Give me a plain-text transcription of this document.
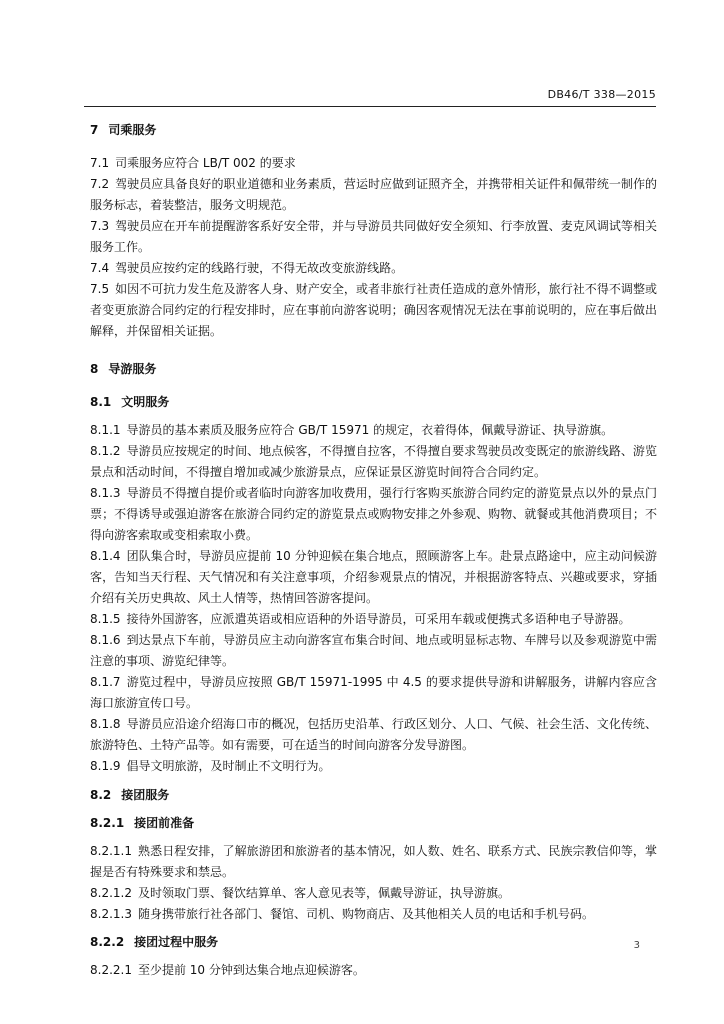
DB46/T 338—2015

7 司乘服务

7.1 司乘服务应符合 LB/T 002 的要求

7.2 驾驶员应具备良好的职业道德和业务素质，营运时应做到证照齐全，并携带相关证件和佩带统一制作的服务标志，着装整洁，服务文明规范。

7.3 驾驶员应在开车前提醒游客系好安全带，并与导游员共同做好安全须知、行李放置、麦克风调试等相关服务工作。

7.4 驾驶员应按约定的线路行驶，不得无故改变旅游线路。

7.5 如因不可抗力发生危及游客人身、财产安全，或者非旅行社责任造成的意外情形，旅行社不得不调整或者变更旅游合同约定的行程安排时，应在事前向游客说明；确因客观情况无法在事前说明的，应在事后做出解释，并保留相关证据。

8 导游服务

8.1 文明服务

8.1.1 导游员的基本素质及服务应符合 GB/T 15971 的规定，衣着得体，佩戴导游证、执导游旗。

8.1.2 导游员应按规定的时间、地点候客，不得擅自拉客，不得擅自要求驾驶员改变既定的旅游线路、游览景点和活动时间，不得擅自增加或减少旅游景点，应保证景区游览时间符合合同约定。

8.1.3 导游员不得擅自提价或者临时向游客加收费用，强行行客购买旅游合同约定的游览景点以外的景点门票；不得诱导或强迫游客在旅游合同约定的游览景点或购物安排之外参观、购物、就餐或其他消费项目；不得向游客索取或变相索取小费。

8.1.4 团队集合时，导游员应提前 10 分钟迎候在集合地点，照顾游客上车。赴景点路途中，应主动问候游客，告知当天行程、天气情况和有关注意事项，介绍参观景点的情况，并根据游客特点、兴趣或要求，穿插介绍有关历史典故、风土人情等，热情回答游客提问。

8.1.5 接待外国游客，应派遣英语或相应语种的外语导游员，可采用车载或便携式多语种电子导游器。

8.1.6 到达景点下车前，导游员应主动向游客宣布集合时间、地点或明显标志物、车牌号以及参观游览中需注意的事项、游览纪律等。

8.1.7 游览过程中，导游员应按照 GB/T 15971-1995 中 4.5 的要求提供导游和讲解服务，讲解内容应含海口旅游宣传口号。

8.1.8 导游员应沿途介绍海口市的概况，包括历史沿革、行政区划分、人口、气候、社会生活、文化传统、旅游特色、土特产品等。如有需要，可在适当的时间向游客分发导游图。

8.1.9 倡导文明旅游，及时制止不文明行为。

8.2 接团服务

8.2.1 接团前准备

8.2.1.1 熟悉日程安排，了解旅游团和旅游者的基本情况，如人数、姓名、联系方式、民族宗教信仰等，掌握是否有特殊要求和禁忌。

8.2.1.2 及时领取门票、餐饮结算单、客人意见表等，佩戴导游证，执导游旗。

8.2.1.3 随身携带旅行社各部门、餐馆、司机、购物商店、及其他相关人员的电话和手机号码。

8.2.2 接团过程中服务

8.2.2.1 至少提前 10 分钟到达集合地点迎候游客。

3
